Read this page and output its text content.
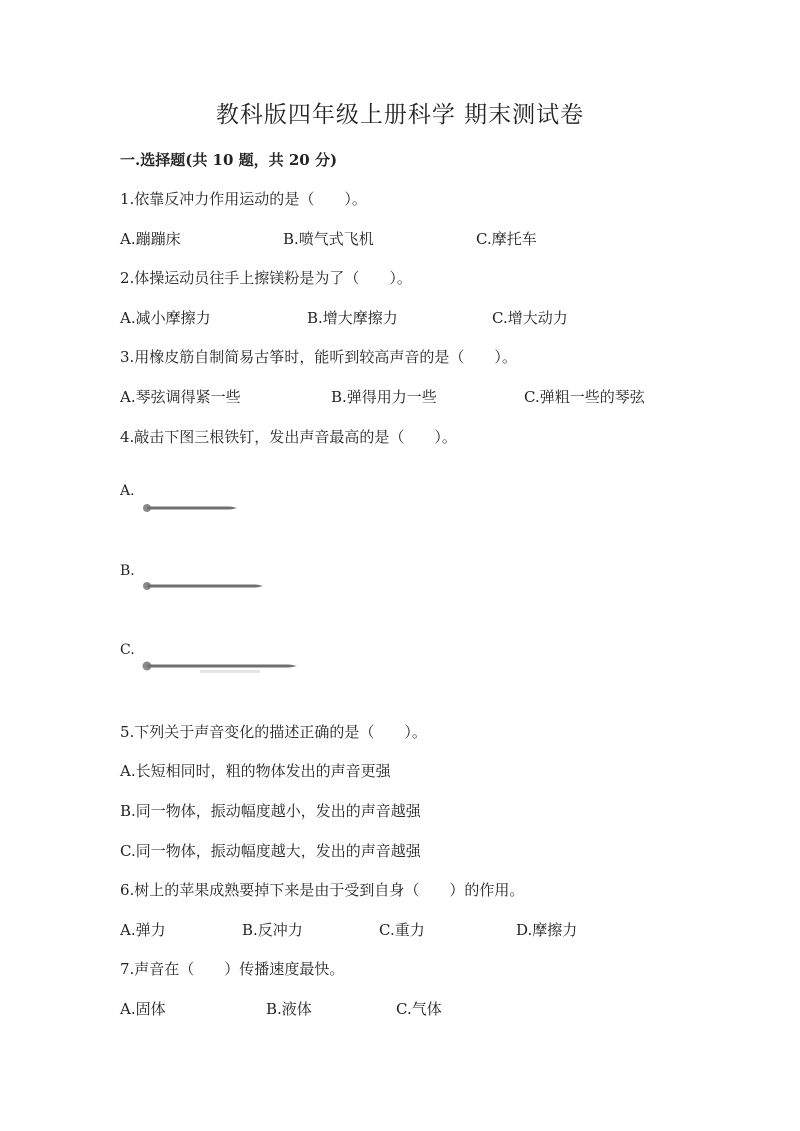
教科版四年级上册科学 期末测试卷
一.选择题(共 10 题，共 20 分)
1.依靠反冲力作用运动的是（　　）。
A.蹦蹦床	B.喷气式飞机	C.摩托车
2.体操运动员往手上擦镁粉是为了（　　）。
A.减小摩擦力	B.增大摩擦力	C.增大动力
3.用橡皮筋自制简易古筝时，能听到较高声音的是（　　）。
A.琴弦调得紧一些	B.弹得用力一些	C.弹粗一些的琴弦
4.敲击下图三根铁钉，发出声音最高的是（　　）。
A.
B.
C.
5.下列关于声音变化的描述正确的是（　　）。
A.长短相同时，粗的物体发出的声音更强
B.同一物体，振动幅度越小，发出的声音越强
C.同一物体，振动幅度越大，发出的声音越强
6.树上的苹果成熟要掉下来是由于受到自身（　　）的作用。
A.弹力	B.反冲力	C.重力	D.摩擦力
7.声音在（　　）传播速度最快。
A.固体	B.液体	C.气体
